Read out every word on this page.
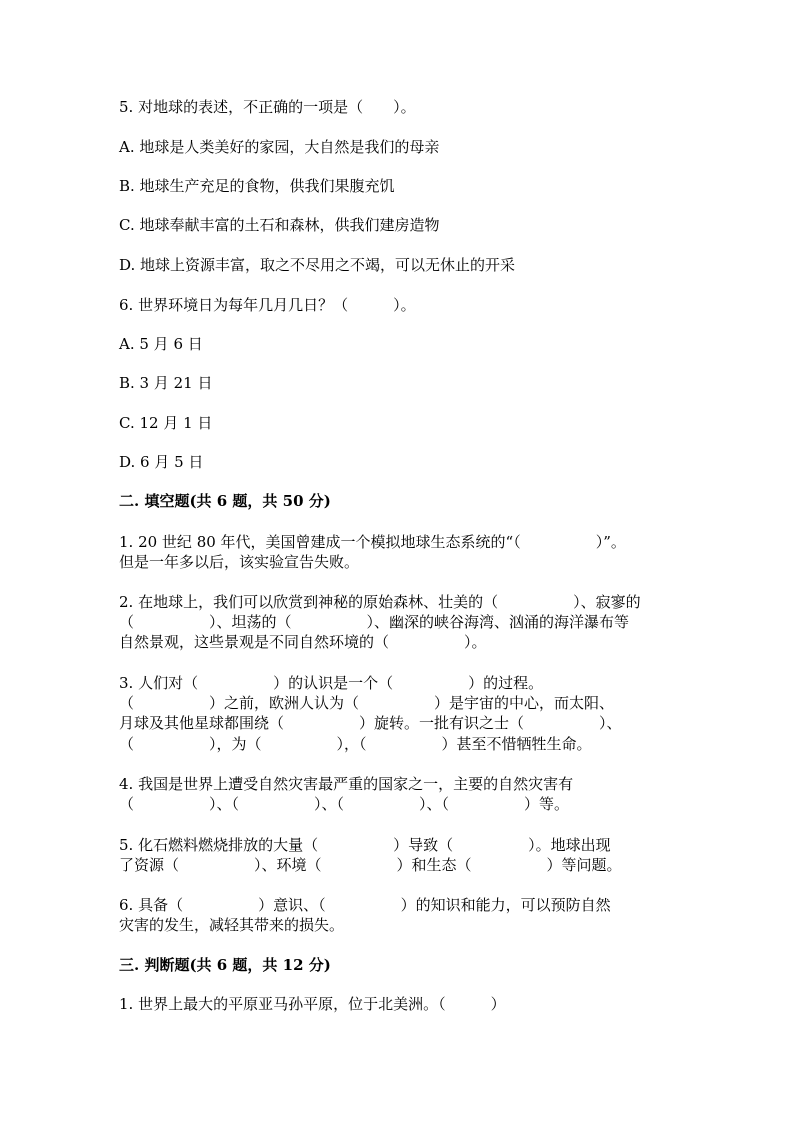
5. 对地球的表述，不正确的一项是（　　）。
A. 地球是人类美好的家园，大自然是我们的母亲
B. 地球生产充足的食物，供我们果腹充饥
C. 地球奉献丰富的土石和森林，供我们建房造物
D. 地球上资源丰富，取之不尽用之不竭，可以无休止的开采
6. 世界环境日为每年几月几日？（　　　）。
A. 5 月 6 日
B. 3 月 21 日
C. 12 月 1 日
D. 6 月 5 日
二. 填空题(共 6 题，共 50 分)
1. 20 世纪 80 年代，美国曾建成一个模拟地球生态系统的“（　　　　　）”。
但是一年多以后，该实验宣告失败。
2. 在地球上，我们可以欣赏到神秘的原始森林、壮美的（　　　　　）、寂寥的
（　　　　　）、坦荡的（　　　　　）、幽深的峡谷海湾、汹涌的海洋瀑布等
自然景观，这些景观是不同自然环境的（　　　　　）。
3. 人们对（　　　　　）的认识是一个（　　　　　）的过程。
（　　　　　）之前，欧洲人认为（　　　　　）是宇宙的中心，而太阳、
月球及其他星球都围绕（　　　　　）旋转。一批有识之士（　　　　　）、
（　　　　　），为（　　　　　），（　　　　　）甚至不惜牺牲生命。
4. 我国是世界上遭受自然灾害最严重的国家之一，主要的自然灾害有
（　　　　　）、（　　　　　）、（　　　　　）、（　　　　　）等。
5. 化石燃料燃烧排放的大量（　　　　　）导致（　　　　　）。地球出现
了资源（　　　　　）、环境（　　　　　）和生态（　　　　　）等问题。
6. 具备（　　　　　）意识、（　　　　　）的知识和能力，可以预防自然
灾害的发生，减轻其带来的损失。
三. 判断题(共 6 题，共 12 分)
1. 世界上最大的平原亚马孙平原，位于北美洲。（　　　）
